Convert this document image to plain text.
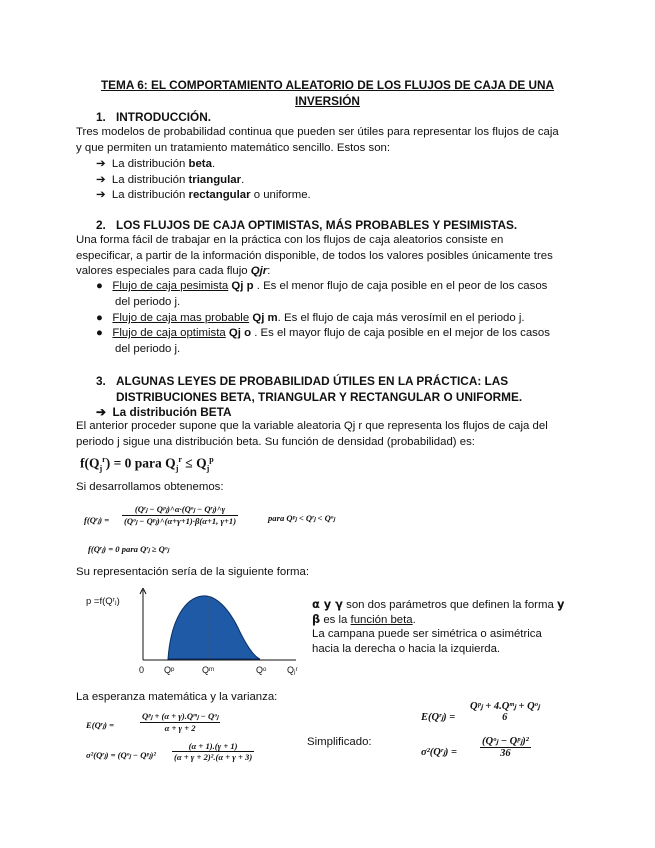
TEMA 6: EL COMPORTAMIENTO ALEATORIO DE LOS FLUJOS DE CAJA DE UNA
INVERSIÓN
1. INTRODUCCIÓN.
Tres modelos de probabilidad continua que pueden ser útiles para representar los flujos de caja
y que permiten un tratamiento matemático sencillo. Estos son:
➔ La distribución beta.
➔ La distribución triangular.
➔ La distribución rectangular o uniforme.
2. LOS FLUJOS DE CAJA OPTIMISTAS, MÁS PROBABLES Y PESIMISTAS.
Una forma fácil de trabajar en la práctica con los flujos de caja aleatorios consiste en
especificar, a partir de la información disponible, de todos los valores posibles únicamente tres
valores especiales para cada flujo Qjr:
● Flujo de caja pesimista Qj p . Es el menor flujo de caja posible en el peor de los casos
del periodo j.
● Flujo de caja mas probable Qj m. Es el flujo de caja más verosímil en el periodo j.
● Flujo de caja optimista Qj o . Es el mayor flujo de caja posible en el mejor de los casos
del periodo j.
3. ALGUNAS LEYES DE PROBABILIDAD ÚTILES EN LA PRÁCTICA: LAS
DISTRIBUCIONES BETA, TRIANGULAR Y RECTANGULAR O UNIFORME.
➔ La distribución BETA
El anterior proceder supone que la variable aleatoria Qj r que representa los flujos de caja del
periodo j sigue una distribución beta. Su función de densidad (probabilidad) es:
$f(Q_j^r) = 0$ para $Q_j^r \le Q_j^p$
Si desarrollamos obtenemos:
f(Qʳⱼ) =
(Qʳⱼ − Qᵖⱼ)^α·(Qᵒⱼ − Qʳⱼ)^γ
(Qᵒⱼ − Qᵖⱼ)^(α+γ+1)·β(α+1, γ+1)	para Qᵖⱼ < Qʳⱼ < Qᵒⱼ
f(Qʳⱼ) = 0 para Qʳⱼ ≥ Qᵒⱼ
Su representación sería de la siguiente forma:
p =f(Qʳⱼ)
0 Qᵖ	Qᵐ	Qᵒ Qⱼʳ
α y γ son dos parámetros que definen la forma y
β es la función beta.
La campana puede ser simétrica o asimétrica
hacia la derecha o hacia la izquierda.
La esperanza matemática y la varianza:
E(Qʳⱼ) =
Qᵖⱼ + (α + γ).Qᵐⱼ − Qᵒⱼ
α + γ + 2
σ²(Qʳⱼ) = (Qᵒⱼ − Qᵖⱼ)² $\frac{(\alpha + 1).(\gamma + 1)}{\text{(α + γ + 2)².(α + γ + 3)}}$	Simplificado:
E(Qʳⱼ) =
Qᵖⱼ + 4.Qᵐⱼ + Qᵒⱼ
6
σ²(Qʳⱼ) =
(Qᵒⱼ − Qᵖⱼ)²
36
